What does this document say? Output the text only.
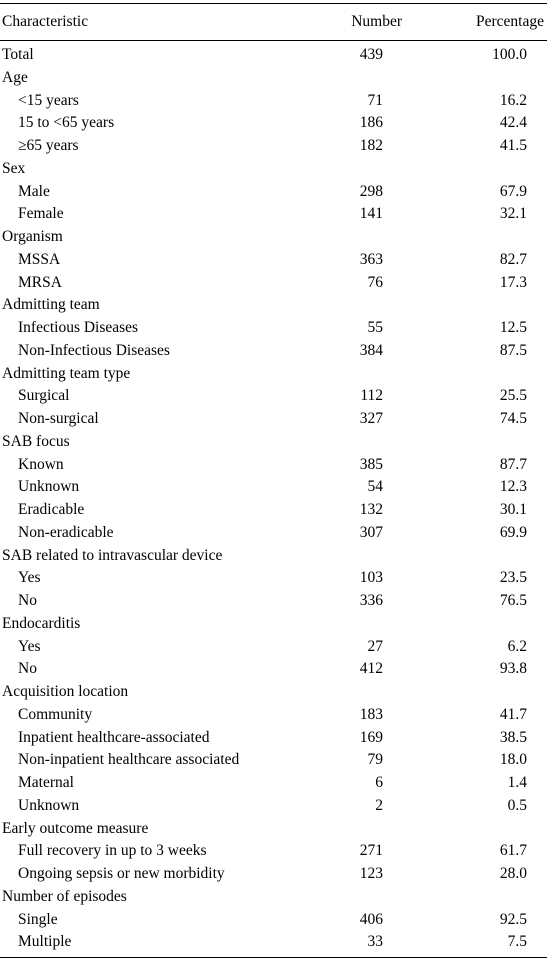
Characteristic	Number	Percentage
Total	439	100.0
Age
<15 years	71	16.2
15 to <65 years	186	42.4
≥65 years	182	41.5
Sex
Male	298	67.9
Female	141	32.1
Organism
MSSA	363	82.7
MRSA	76	17.3
Admitting team
Infectious Diseases	55	12.5
Non-Infectious Diseases	384	87.5
Admitting team type
Surgical	112	25.5
Non-surgical	327	74.5
SAB focus
Known	385	87.7
Unknown	54	12.3
Eradicable	132	30.1
Non-eradicable	307	69.9
SAB related to intravascular device
Yes	103	23.5
No	336	76.5
Endocarditis
Yes	27	6.2
No	412	93.8
Acquisition location
Community	183	41.7
Inpatient healthcare-associated	169	38.5
Non-inpatient healthcare associated	79	18.0
Maternal	6	1.4
Unknown	2	0.5
Early outcome measure
Full recovery in up to 3 weeks	271	61.7
Ongoing sepsis or new morbidity	123	28.0
Number of episodes
Single	406	92.5
Multiple	33	7.5
